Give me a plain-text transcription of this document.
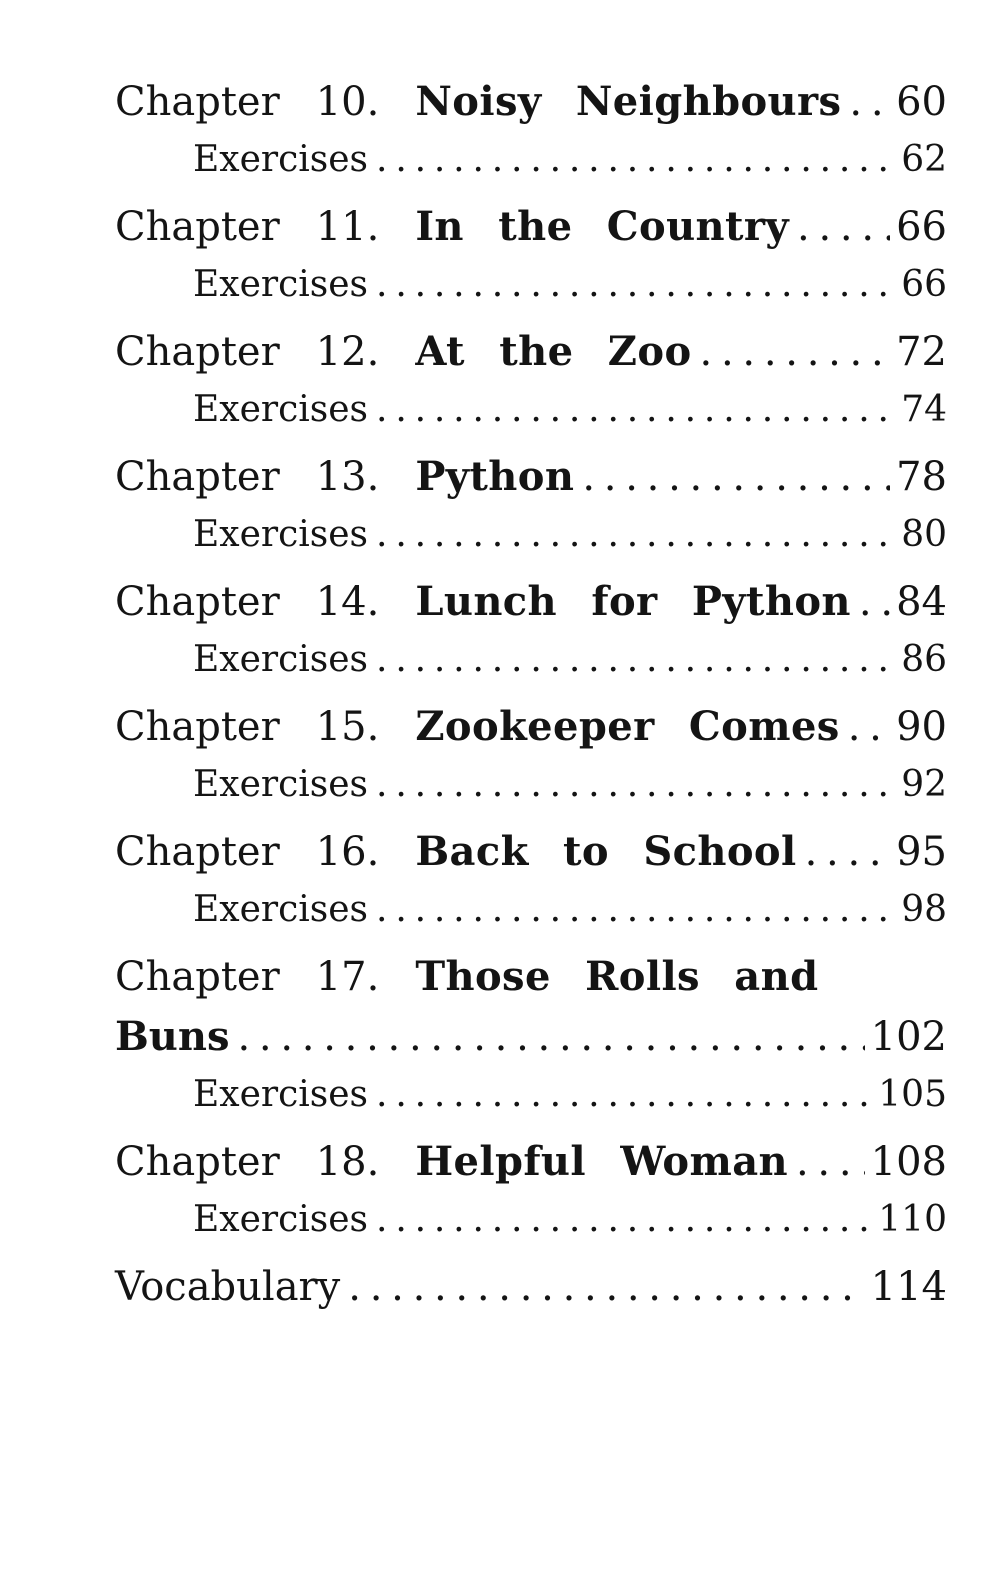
Chapter 10. Noisy Neighbours . . . 60
Exercises . . .	62
Chapter 11. In the Country . . .	66
Exercises . . .	66
Chapter 12. At the Zoo . . .	72
Exercises . . .	74
Chapter 13. Python . . .	78
Exercises . . .	80
Chapter 14. Lunch for Python . . . 84
Exercises . . .	86
Chapter 15. Zookeeper Comes . . . 90
Exercises . . .	92
Chapter 16. Back to School . . . 95
Exercises . . .	98
Chapter 17. Those Rolls and
Buns . . .	102
Exercises . . .	105
Chapter 18. Helpful Woman . . . 108
Exercises . . .	110
Vocabulary . . .	114
